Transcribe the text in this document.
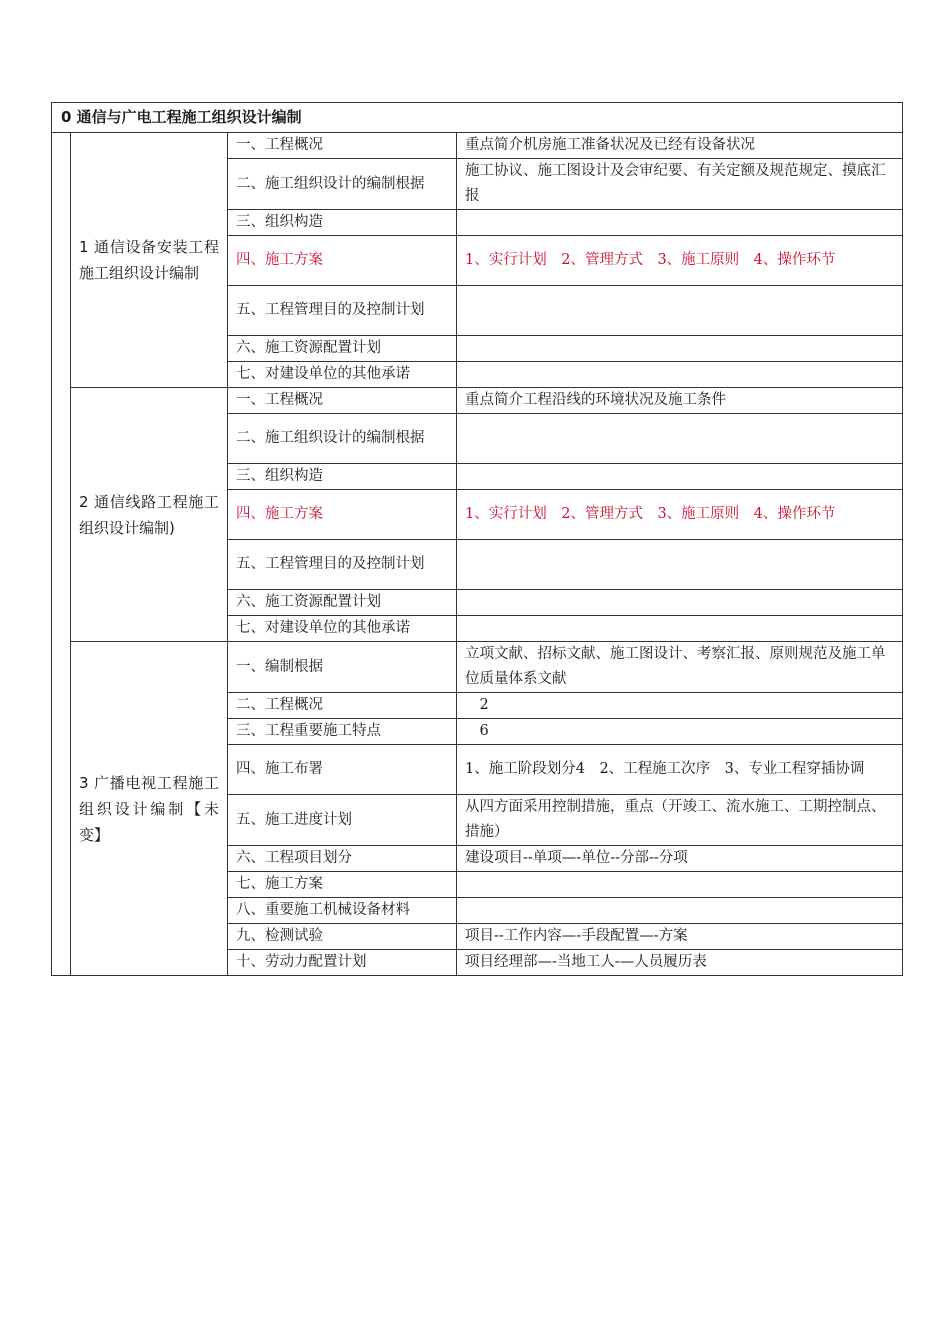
0 通信与广电工程施工组织设计编制			
	1 通信设备安装工程施工组织设计编制	一、工程概况	重点简介机房施工准备状况及已经有设备状况
		二、施工组织设计的编制根据	施工协议、施工图设计及会审纪要、有关定额及规范规定、摸底汇报
		三、组织构造	
		四、施工方案	1、实行计划　2、管理方式　3、施工原则　4、操作环节
		五、工程管理目的及控制计划	
		六、施工资源配置计划	
		七、对建设单位的其他承诺	
	2 通信线路工程施工组织设计编制)	一、工程概况	重点简介工程沿线的环境状况及施工条件
		二、施工组织设计的编制根据	
		三、组织构造	
		四、施工方案	1、实行计划　2、管理方式　3、施工原则　4、操作环节
		五、工程管理目的及控制计划	
		六、施工资源配置计划	
		七、对建设单位的其他承诺	
	3 广播电视工程施工组织设计编制【未变】	一、编制根据	立项文献、招标文献、施工图设计、考察汇报、原则规范及施工单位质量体系文献
		二、工程概况	　2
		三、工程重要施工特点	　6
		四、施工布署	1、施工阶段划分4　2、工程施工次序　3、专业工程穿插协调
		五、施工进度计划	从四方面采用控制措施，重点（开竣工、流水施工、工期控制点、措施）
		六、工程项目划分	建设项目--单项—-单位--分部--分项
		七、施工方案	
		八、重要施工机械设备材料	
		九、检测试验	项目--工作内容—-手段配置—-方案
		十、劳动力配置计划	项目经理部—-当地工人-—人员履历表
